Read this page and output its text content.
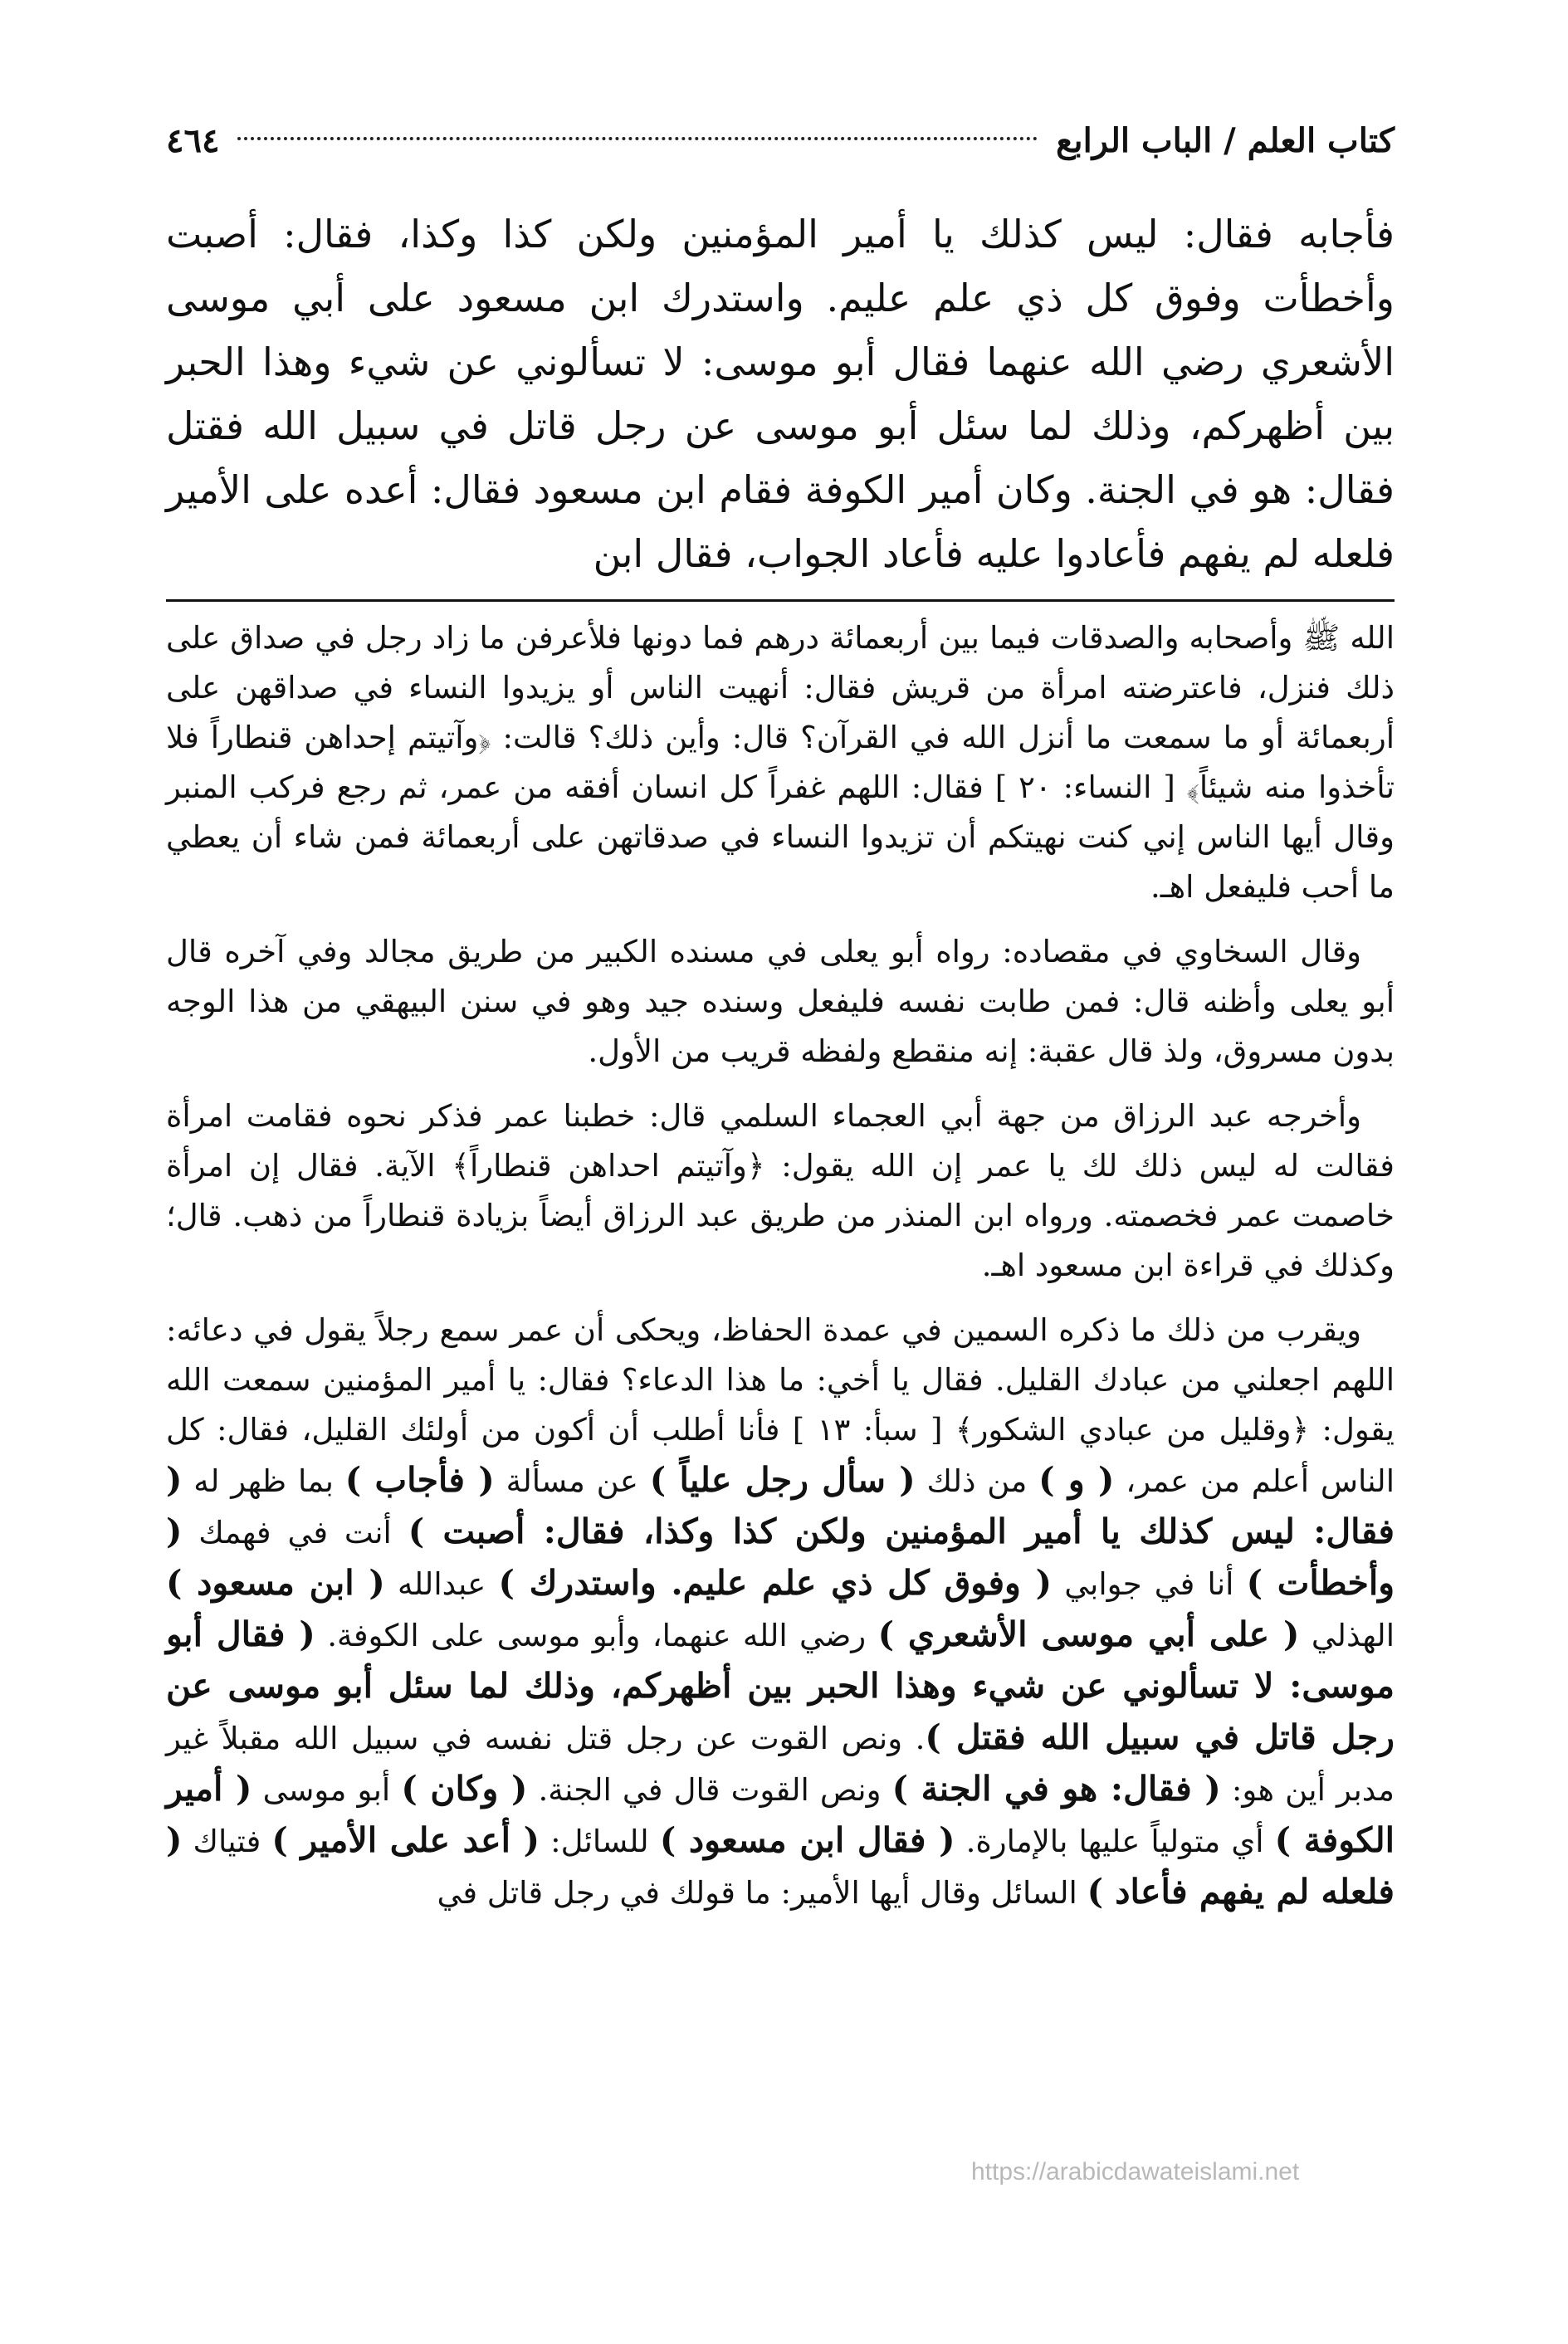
كتاب العلم / الباب الرابع
٤٦٤

فأجابه فقال: ليس كذلك يا أمير المؤمنين ولكن كذا وكذا، فقال: أصبت وأخطأت وفوق كل ذي علم عليم. واستدرك ابن مسعود على أبي موسى الأشعري رضي الله عنهما فقال أبو موسى: لا تسألوني عن شيء وهذا الحبر بين أظهركم، وذلك لما سئل أبو موسى عن رجل قاتل في سبيل الله فقتل فقال: هو في الجنة. وكان أمير الكوفة فقام ابن مسعود فقال: أعده على الأمير فلعله لم يفهم فأعادوا عليه فأعاد الجواب، فقال ابن

الله ﷺ وأصحابه والصدقات فيما بين أربعمائة درهم فما دونها فلأعرفن ما زاد رجل في صداق على ذلك فنزل، فاعترضته امرأة من قريش فقال: أنهيت الناس أو يزيدوا النساء في صداقهن على أربعمائة أو ما سمعت ما أنزل الله في القرآن؟ قال: وأين ذلك؟ قالت: ﴿وآتيتم إحداهن قنطاراً فلا تأخذوا منه شيئاً﴾ [ النساء: ٢٠ ] فقال: اللهم غفراً كل انسان أفقه من عمر، ثم رجع فركب المنبر وقال أيها الناس إني كنت نهيتكم أن تزيدوا النساء في صدقاتهن على أربعمائة فمن شاء أن يعطي ما أحب فليفعل اهـ.

وقال السخاوي في مقصاده: رواه أبو يعلى في مسنده الكبير من طريق مجالد وفي آخره قال أبو يعلى وأظنه قال: فمن طابت نفسه فليفعل وسنده جيد وهو في سنن البيهقي من هذا الوجه بدون مسروق، ولذ قال عقبة: إنه منقطع ولفظه قريب من الأول.

وأخرجه عبد الرزاق من جهة أبي العجماء السلمي قال: خطبنا عمر فذكر نحوه فقامت امرأة فقالت له ليس ذلك لك يا عمر إن الله يقول: ﴿وآتيتم احداهن قنطاراً﴾ الآية. فقال إن امرأة خاصمت عمر فخصمته. ورواه ابن المنذر من طريق عبد الرزاق أيضاً بزيادة قنطاراً من ذهب. قال؛ وكذلك في قراءة ابن مسعود اهـ.

ويقرب من ذلك ما ذكره السمين في عمدة الحفاظ، ويحكى أن عمر سمع رجلاً يقول في دعائه: اللهم اجعلني من عبادك القليل. فقال يا أخي: ما هذا الدعاء؟ فقال: يا أمير المؤمنين سمعت الله يقول: ﴿وقليل من عبادي الشكور﴾ [ سبأ: ١٣ ] فأنا أطلب أن أكون من أولئك القليل، فقال: كل الناس أعلم من عمر، ( و ) من ذلك ( سأل رجل علياً ) عن مسألة ( فأجاب ) بما ظهر له ( فقال: ليس كذلك يا أمير المؤمنين ولكن كذا وكذا، فقال: أصبت ) أنت في فهمك ( وأخطأت ) أنا في جوابي ( وفوق كل ذي علم عليم. واستدرك ) عبدالله ( ابن مسعود ) الهذلي ( على أبي موسى الأشعري ) رضي الله عنهما، وأبو موسى على الكوفة. ( فقال أبو موسى: لا تسألوني عن شيء وهذا الحبر بين أظهركم، وذلك لما سئل أبو موسى عن رجل قاتل في سبيل الله فقتل ). ونص القوت عن رجل قتل نفسه في سبيل الله مقبلاً غير مدبر أين هو: ( فقال: هو في الجنة ) ونص القوت قال في الجنة. ( وكان ) أبو موسى ( أمير الكوفة ) أي متولياً عليها بالإمارة. ( فقال ابن مسعود ) للسائل: ( أعد على الأمير ) فتياك ( فلعله لم يفهم فأعاد ) السائل وقال أيها الأمير: ما قولك في رجل قاتل في

https://arabicdawateislami.net
